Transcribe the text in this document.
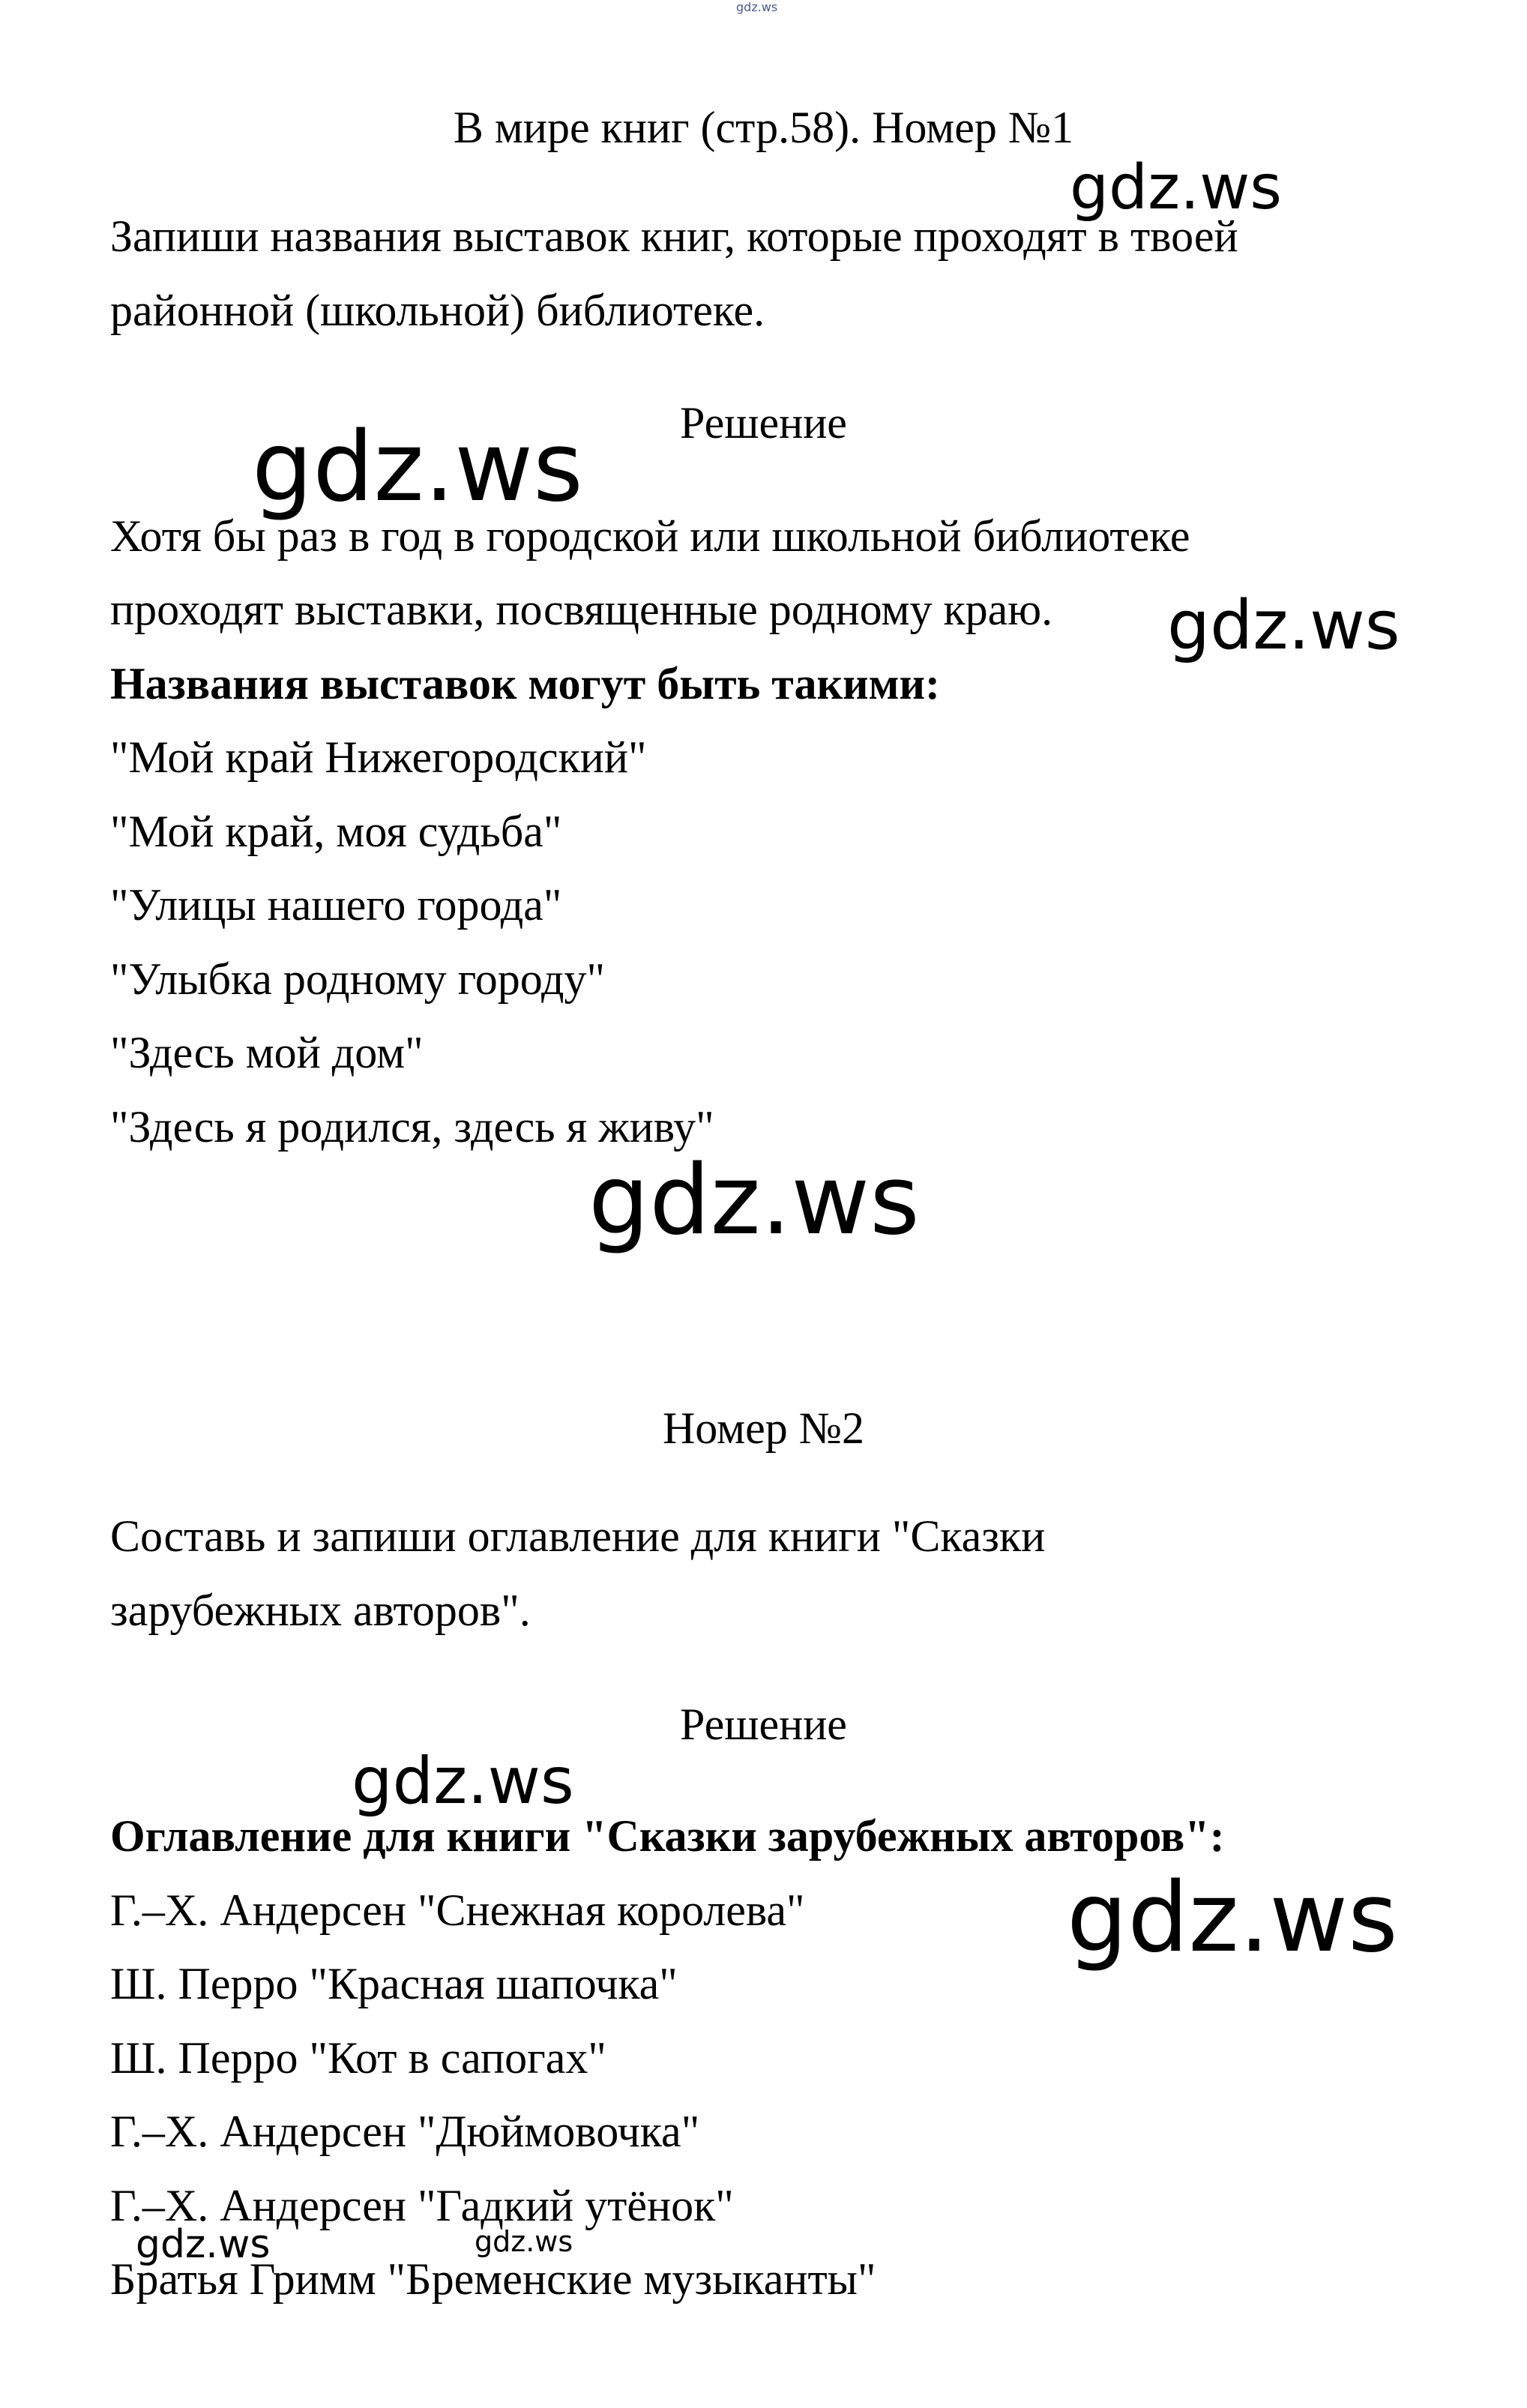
В мире книг (стр.58). Номер №1
Запиши названия выставок книг, которые проходят в твоей
районной (школьной) библиотеке.
Решение
Хотя бы раз в год в городской или школьной библиотеке
проходят выставки, посвященные родному краю.
Названия выставок могут быть такими:
"Мой край Нижегородский"
"Мой край, моя судьба"
"Улицы нашего города"
"Улыбка родному городу"
"Здесь мой дом"
"Здесь я родился, здесь я живу"
Номер №2
Составь и запиши оглавление для книги "Сказки
зарубежных авторов".
Решение
Оглавление для книги "Сказки зарубежных авторов":
Г.–Х. Андерсен "Снежная королева"
Ш. Перро "Красная шапочка"
Ш. Перро "Кот в сапогах"
Г.–Х. Андерсен "Дюймовочка"
Г.–Х. Андерсен "Гадкий утёнок"
Братья Гримм "Бременские музыканты"
gdz.ws
gdz.ws
gdz.ws
gdz.ws
gdz.ws
gdz.ws
gdz.ws
gdz.ws	gdz.ws
